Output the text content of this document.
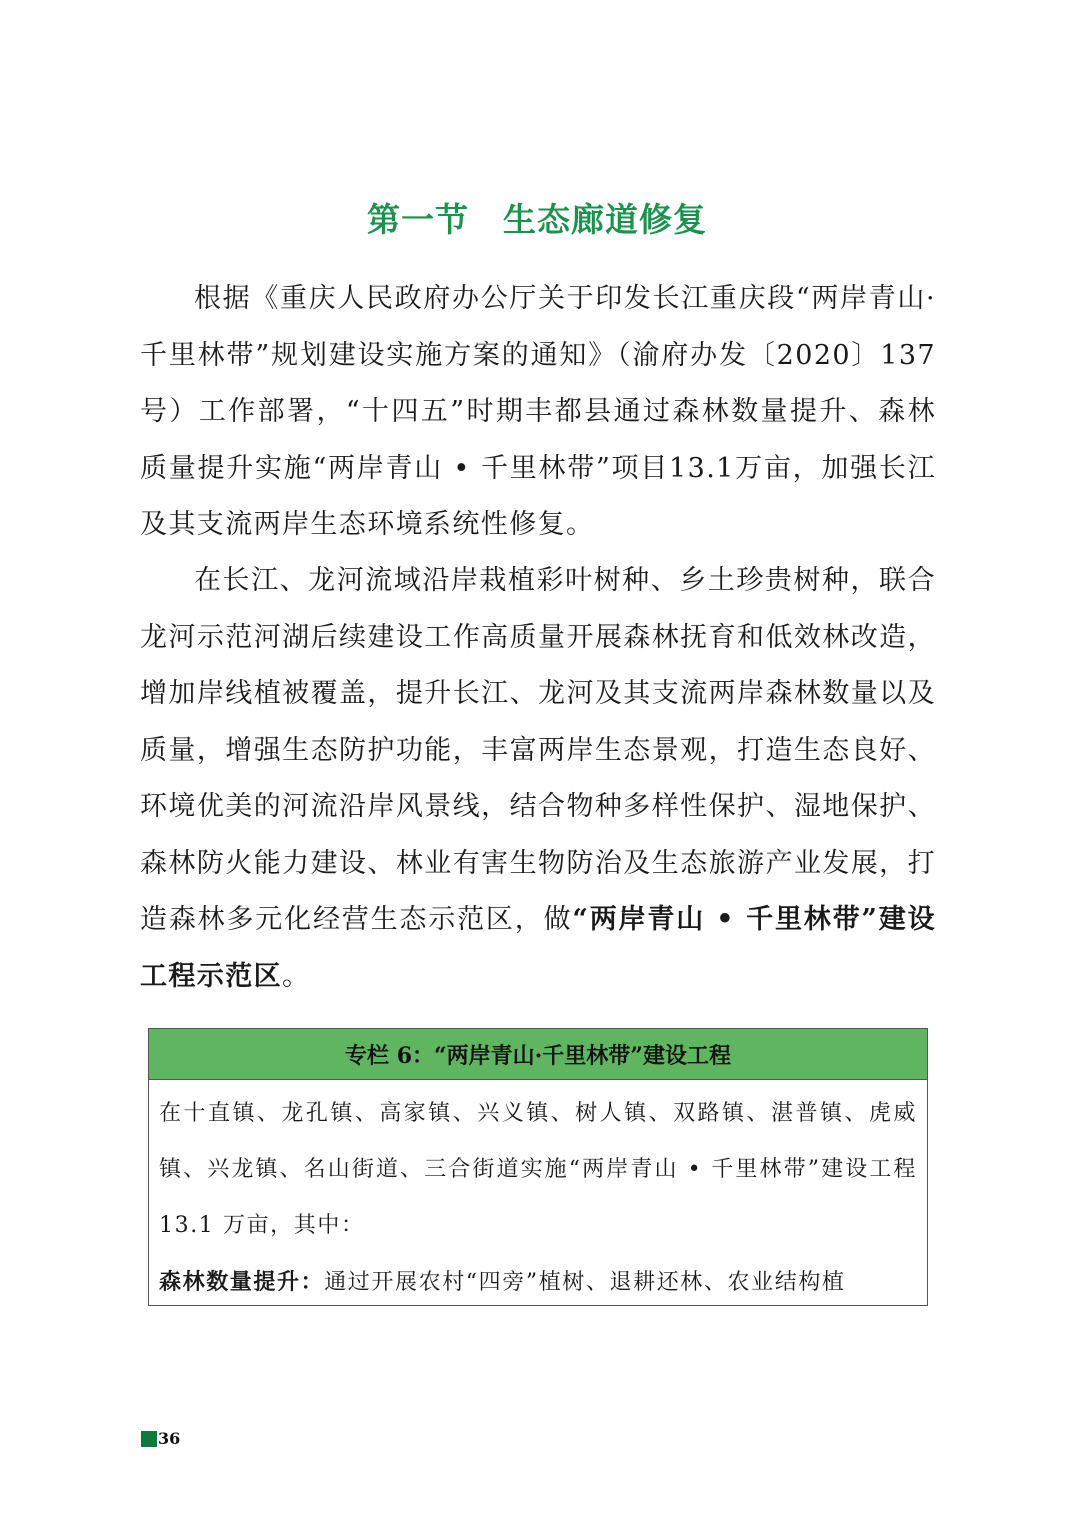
第一节　生态廊道修复

根据《重庆人民政府办公厅关于印发长江重庆段“两岸青山·千里林带”规划建设实施方案的通知》（渝府办发〔2020〕137号）工作部署，“十四五”时期丰都县通过森林数量提升、森林质量提升实施“两岸青山 • 千里林带”项目13.1万亩，加强长江及其支流两岸生态环境系统性修复。

在长江、龙河流域沿岸栽植彩叶树种、乡土珍贵树种，联合龙河示范河湖后续建设工作高质量开展森林抚育和低效林改造，增加岸线植被覆盖，提升长江、龙河及其支流两岸森林数量以及质量，增强生态防护功能，丰富两岸生态景观，打造生态良好、环境优美的河流沿岸风景线，结合物种多样性保护、湿地保护、森林防火能力建设、林业有害生物防治及生态旅游产业发展，打造森林多元化经营生态示范区，做“两岸青山 • 千里林带”建设工程示范区。

专栏 6：“两岸青山·千里林带”建设工程

在十直镇、龙孔镇、高家镇、兴义镇、树人镇、双路镇、湛普镇、虎威镇、兴龙镇、名山街道、三合街道实施“两岸青山 • 千里林带”建设工程 13.1 万亩，其中：

森林数量提升：通过开展农村“四旁”植树、退耕还林、农业结构植

36
